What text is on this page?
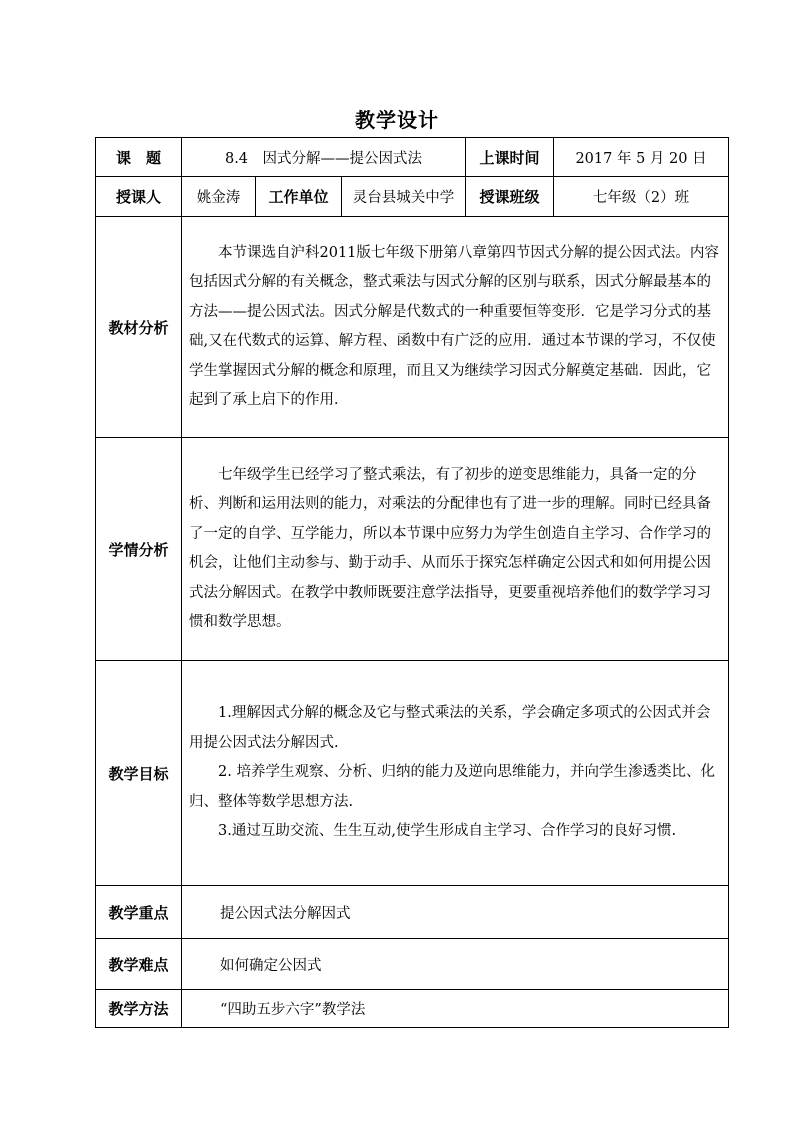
教学设计
课　题	8.4　因式分解——提公因式法			上课时间	2017 年 5 月 20 日
授课人	姚金涛	工作单位	灵台县城关中学	授课班级	七年级（2）班
教材分析	本节课选自沪科2011版七年级下册第八章第四节因式分解的提公因式法。内容包括因式分解的有关概念，整式乘法与因式分解的区别与联系，因式分解最基本的方法——提公因式法。因式分解是代数式的一种重要恒等变形．它是学习分式的基础,又在代数式的运算、解方程、函数中有广泛的应用．通过本节课的学习，不仅使学生掌握因式分解的概念和原理，而且又为继续学习因式分解奠定基础．因此，它起到了承上启下的作用．				

学情分析	七年级学生已经学习了整式乘法，有了初步的逆变思维能力，具备一定的分析、判断和运用法则的能力，对乘法的分配律也有了进一步的理解。同时已经具备了一定的自学、互学能力，所以本节课中应努力为学生创造自主学习、合作学习的机会，让他们主动参与、勤于动手、从而乐于探究怎样确定公因式和如何用提公因式法分解因式。在教学中教师既要注意学法指导，更要重视培养他们的数学学习习惯和数学思想。				

教学目标	1.理解因式分解的概念及它与整式乘法的关系，学会确定多项式的公因式并会用提公因式法分解因式.

2. 培养学生观察、分析、归纳的能力及逆向思维能力，并向学生渗透类比、化归、整体等数学思想方法.

3.通过互助交流、生生互动,使学生形成自主学习、合作学习的良好习惯.				

教学重点	提公因式法分解因式				
教学难点	如何确定公因式				
教学方法	“四助五步六字”教学法				
